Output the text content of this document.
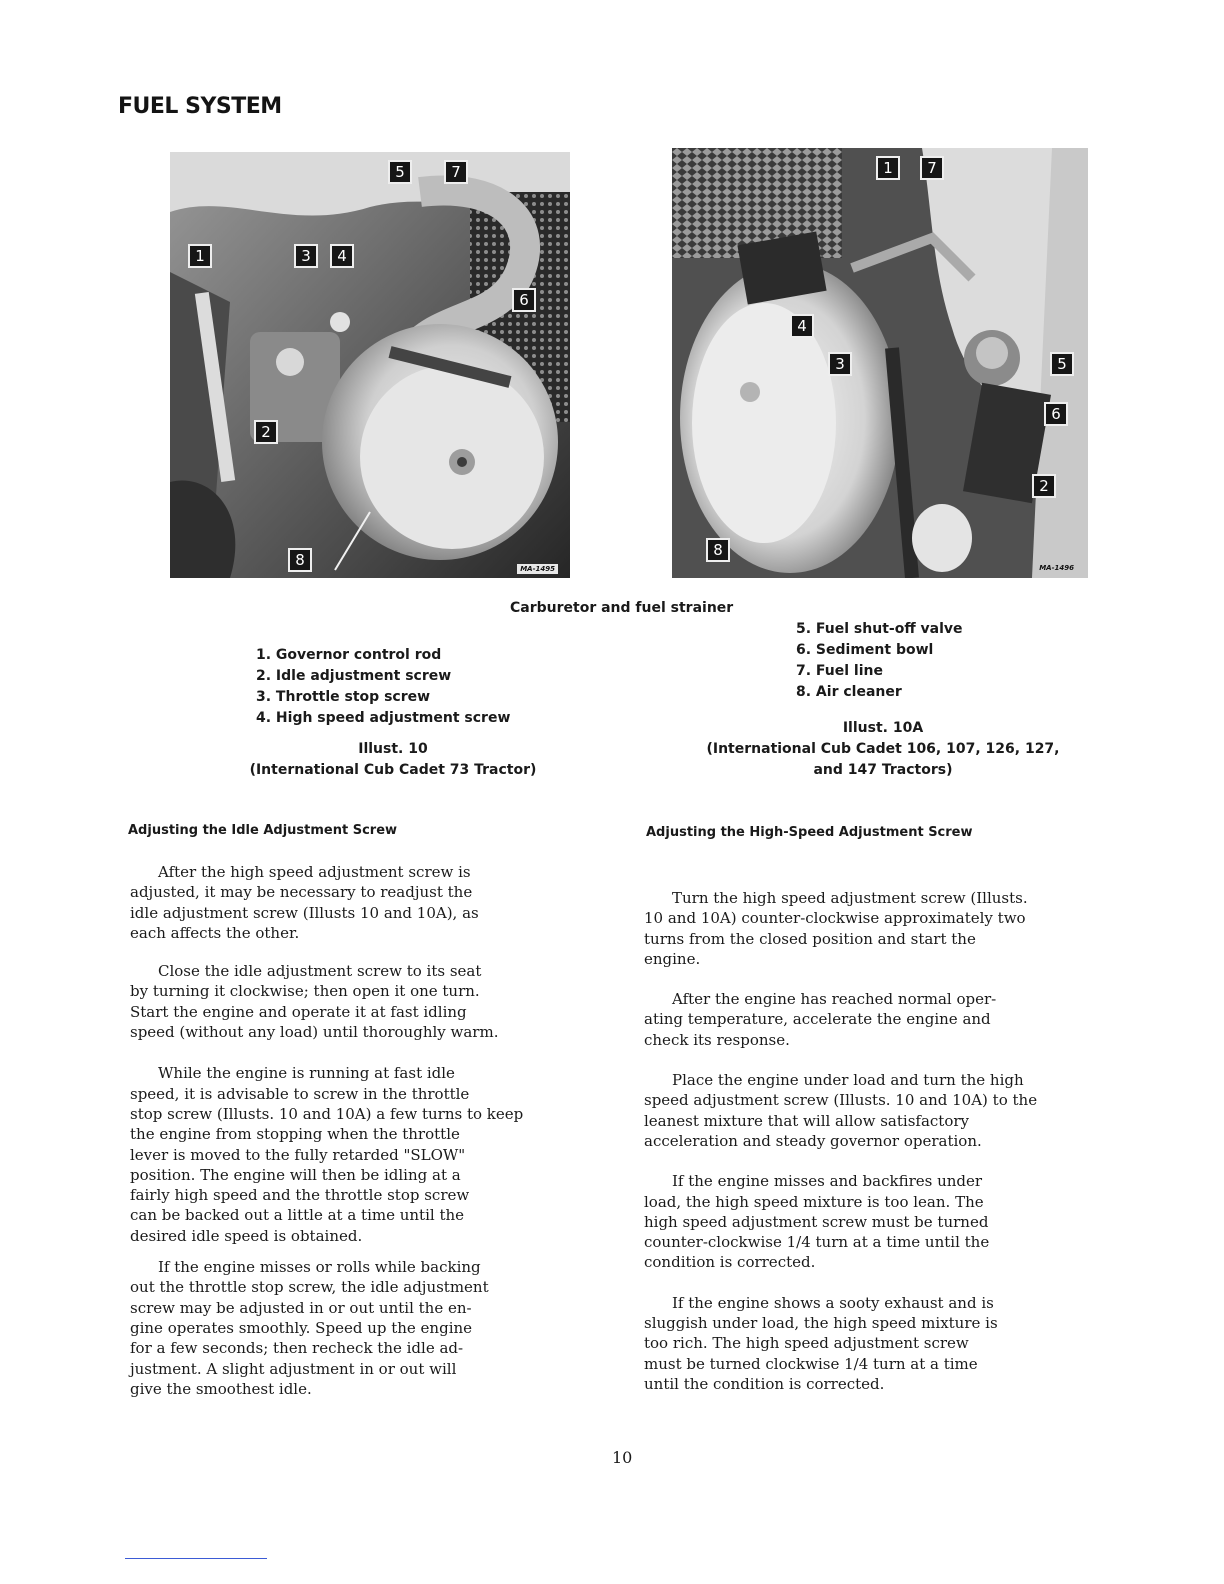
FUEL SYSTEM
MA-1495
1
2
3	4
5	7
6
8	MA-1496
1	7
4
3	5
6
2
8
Carburetor and fuel strainer
1. Governor control rod
2. Idle adjustment screw
3. Throttle stop screw
4. High speed adjustment screw
5. Fuel shut-off valve
6. Sediment bowl
7. Fuel line
8. Air cleaner
Illust. 10
(International Cub Cadet 73 Tractor)
Illust. 10A
(International Cub Cadet 106, 107, 126, 127,
and 147 Tractors)
Adjusting the Idle Adjustment Screw

After the high speed adjustment screw is
adjusted, it may be necessary to readjust the
idle adjustment screw (Illusts 10 and 10A), as
each affects the other.

Close the idle adjustment screw to its seat
by turning it clockwise; then open it one turn.
Start the engine and operate it at fast idling
speed (without any load) until thoroughly warm.

While the engine is running at fast idle
speed, it is advisable to screw in the throttle
stop screw (Illusts. 10 and 10A) a few turns to keep
the engine from stopping when the throttle
lever is moved to the fully retarded "SLOW"
position. The engine will then be idling at a
fairly high speed and the throttle stop screw
can be backed out a little at a time until the
desired idle speed is obtained.

If the engine misses or rolls while backing
out the throttle stop screw, the idle adjustment
screw may be adjusted in or out until the en-
gine operates smoothly. Speed up the engine
for a few seconds; then recheck the idle ad-
justment. A slight adjustment in or out will
give the smoothest idle.

Adjusting the High-Speed Adjustment Screw

Turn the high speed adjustment screw (Illusts.
10 and 10A) counter-clockwise approximately two
turns from the closed position and start the
engine.

After the engine has reached normal oper-
ating temperature, accelerate the engine and
check its response.

Place the engine under load and turn the high
speed adjustment screw (Illusts. 10 and 10A) to the
leanest mixture that will allow satisfactory
acceleration and steady governor operation.

If the engine misses and backfires under
load, the high speed mixture is too lean. The
high speed adjustment screw must be turned
counter-clockwise 1/4 turn at a time until the
condition is corrected.

If the engine shows a sooty exhaust and is
sluggish under load, the high speed mixture is
too rich. The high speed adjustment screw
must be turned clockwise 1/4 turn at a time
until the condition is corrected.

10
